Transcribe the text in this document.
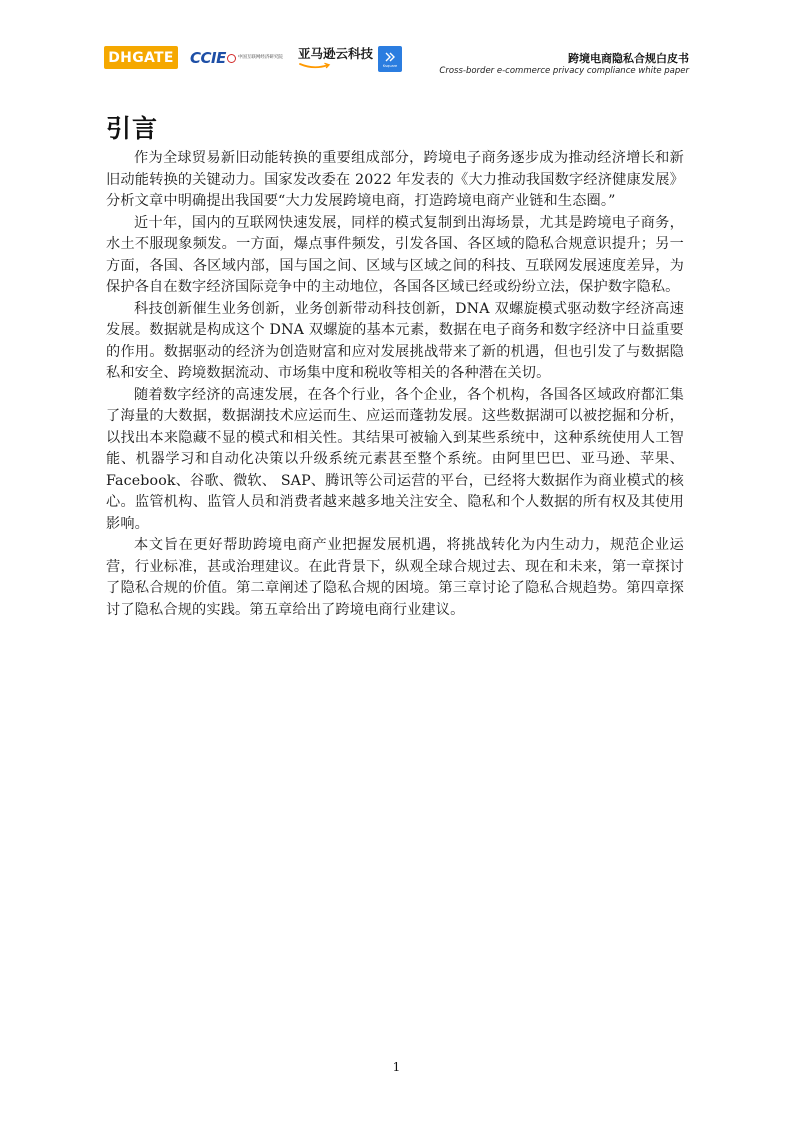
DHGATE CCIE	中国互联网经济研究院 亚马逊云科技
Ksquare
跨境电商隐私合规白皮书
Cross-border e-commerce privacy compliance white paper
引言

作为全球贸易新旧动能转换的重要组成部分，跨境电子商务逐步成为推动经济增长和新旧动能转换的关键动力。国家发改委在 2022 年发表的《大力推动我国数字经济健康发展》分析文章中明确提出我国要“大力发展跨境电商，打造跨境电商产业链和生态圈。”

近十年，国内的互联网快速发展，同样的模式复制到出海场景，尤其是跨境电子商务，水土不服现象频发。一方面，爆点事件频发，引发各国、各区域的隐私合规意识提升；另一方面，各国、各区域内部，国与国之间、区域与区域之间的科技、互联网发展速度差异，为保护各自在数字经济国际竞争中的主动地位，各国各区域已经或纷纷立法，保护数字隐私。

科技创新催生业务创新，业务创新带动科技创新，DNA 双螺旋模式驱动数字经济高速发展。数据就是构成这个 DNA 双螺旋的基本元素，数据在电子商务和数字经济中日益重要的作用。数据驱动的经济为创造财富和应对发展挑战带来了新的机遇，但也引发了与数据隐私和安全、跨境数据流动、市场集中度和税收等相关的各种潜在关切。

随着数字经济的高速发展，在各个行业，各个企业，各个机构，各国各区域政府都汇集了海量的大数据，数据湖技术应运而生、应运而蓬勃发展。这些数据湖可以被挖掘和分析，以找出本来隐藏不显的模式和相关性。其结果可被输入到某些系统中，这种系统使用人工智能、机器学习和自动化决策以升级系统元素甚至整个系统。由阿里巴巴、亚马逊、苹果、 Facebook、谷歌、微软、 SAP、腾讯等公司运营的平台，已经将大数据作为商业模式的核心。监管机构、监管人员和消费者越来越多地关注安全、隐私和个人数据的所有权及其使用影响。

本文旨在更好帮助跨境电商产业把握发展机遇，将挑战转化为内生动力，规范企业运营，行业标准，甚或治理建议。在此背景下，纵观全球合规过去、现在和未来，第一章探讨了隐私合规的价值。第二章阐述了隐私合规的困境。第三章讨论了隐私合规趋势。第四章探讨了隐私合规的实践。第五章给出了跨境电商行业建议。

1
